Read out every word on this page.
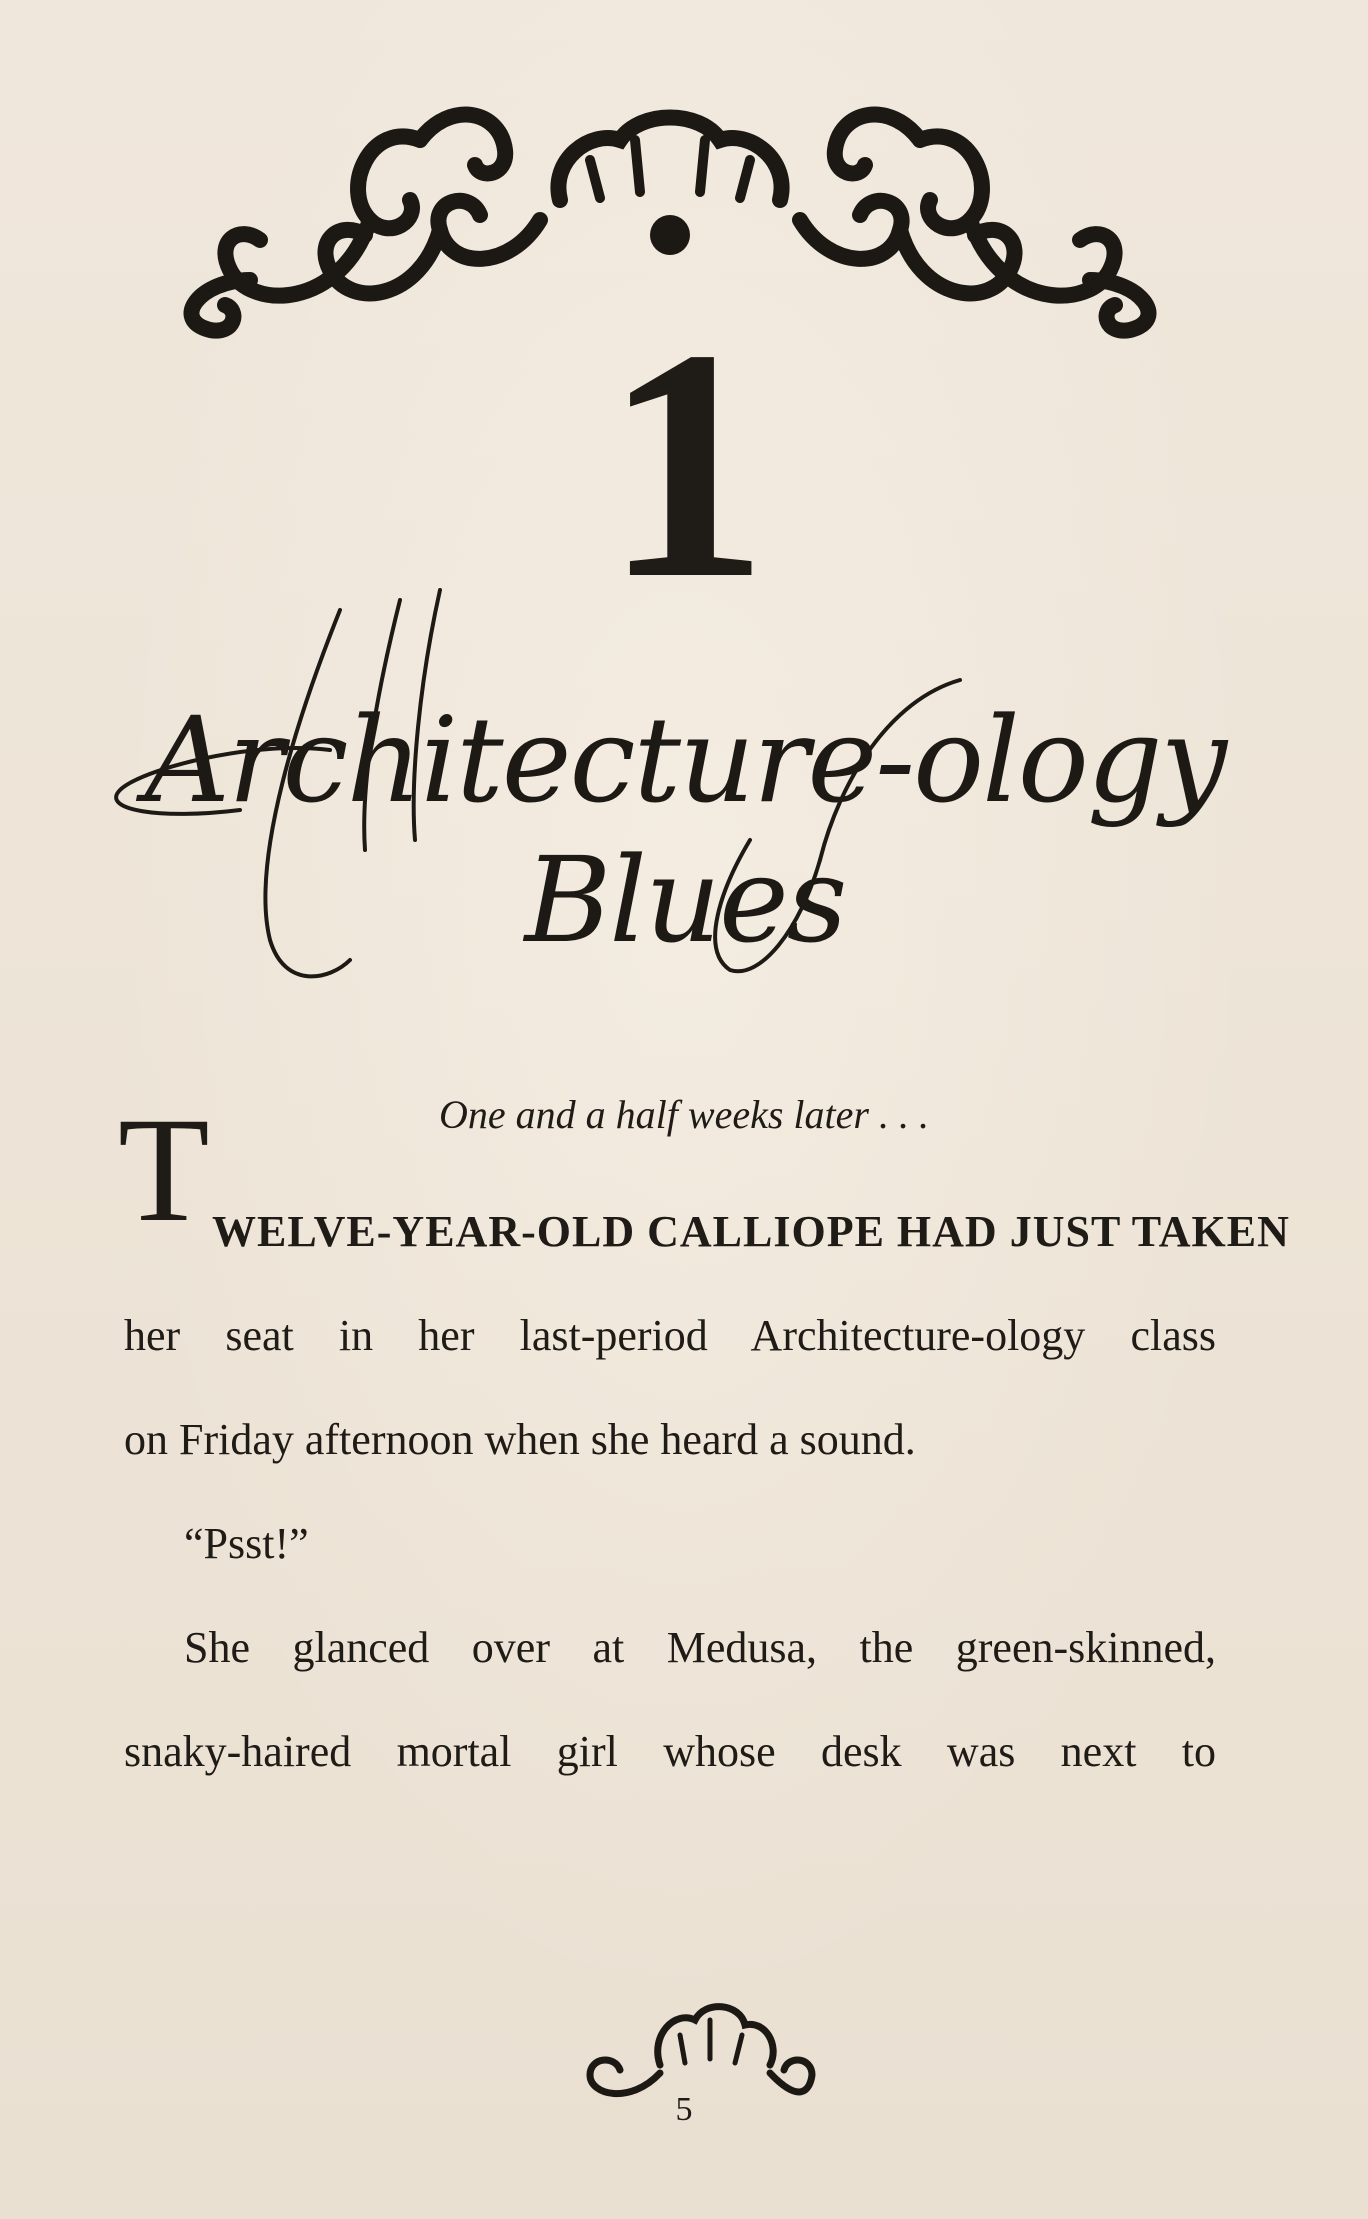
1
Architecture-ology Blues
One and a half weeks later . . .
T WELVE-YEAR-OLD CALLIOPE HAD JUST TAKEN
her seat in her last-period Architecture-ology class
on Friday afternoon when she heard a sound.
“Psst!”
She glanced over at Medusa, the green-skinned,
snaky-haired mortal girl whose desk was next to
5
